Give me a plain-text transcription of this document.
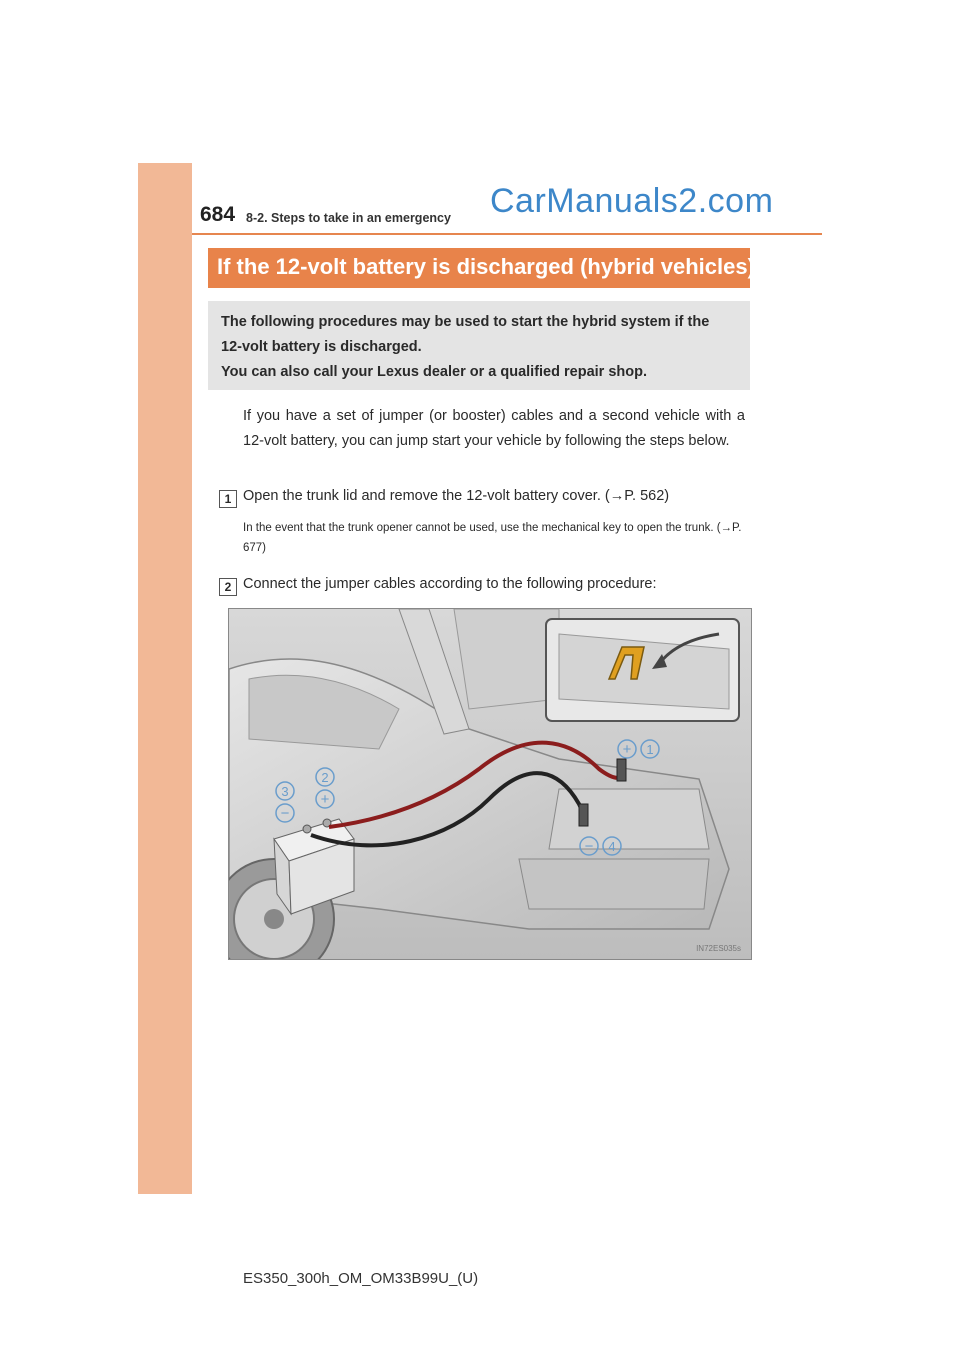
684 8-2. Steps to take in an emergency CarManuals2.com
If the 12-volt battery is discharged (hybrid vehicles)
The following procedures may be used to start the hybrid system if the
12-volt battery is discharged.
You can also call your Lexus dealer or a qualified repair shop.
If you have a set of jumper (or booster) cables and a second vehicle with a 12-volt battery, you can jump start your vehicle by following the steps below.
1 Open the trunk lid and remove the 12-volt battery cover. (→P. 562)
In the event that the trunk opener cannot be used, use the mechanical key to open the trunk. (→P. 677)
2 Connect the jumper cables according to the following procedure:
+ 1
2
+
3
−
− 4
IN72ES035s
ES350_300h_OM_OM33B99U_(U)
